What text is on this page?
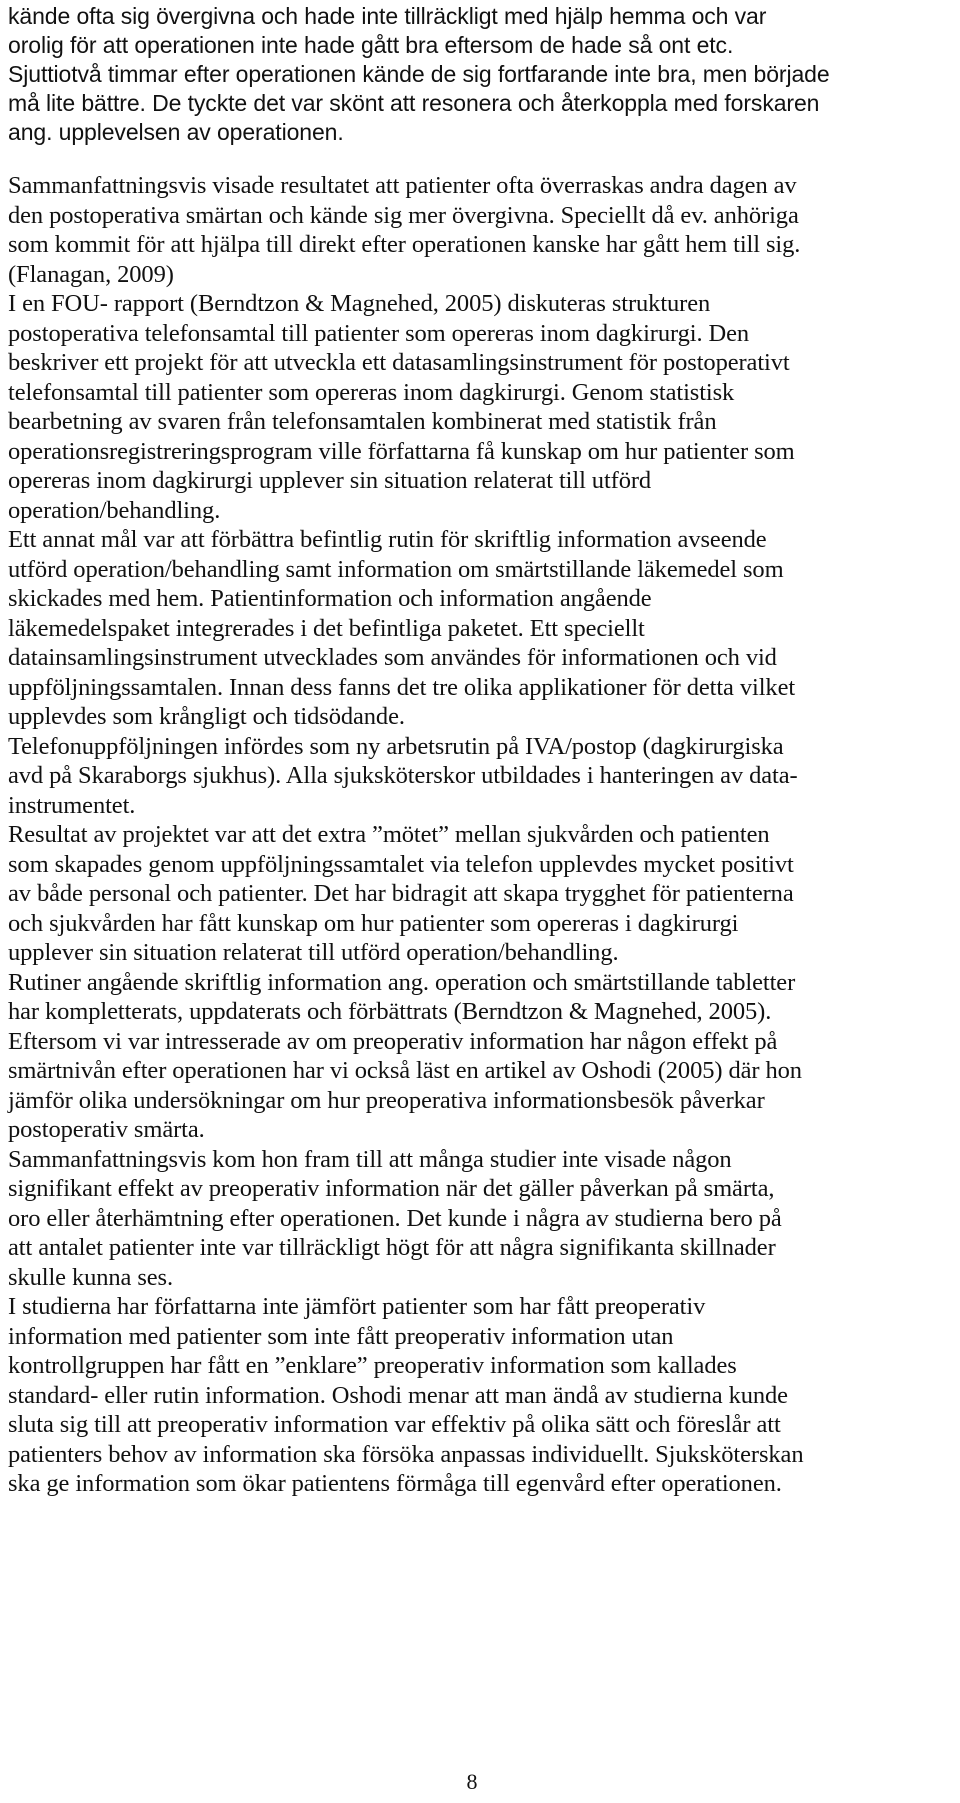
kände ofta sig övergivna och hade inte tillräckligt med hjälp hemma och var
orolig för att operationen inte hade gått bra eftersom de hade så ont etc.
Sjuttiotvå timmar efter operationen kände de sig fortfarande inte bra, men började
må lite bättre. De tyckte det var skönt att resonera och återkoppla med forskaren
ang. upplevelsen av operationen.

Sammanfattningsvis visade resultatet att patienter ofta överraskas andra dagen av
den postoperativa smärtan och kände sig mer övergivna. Speciellt då ev. anhöriga
som kommit för att hjälpa till direkt efter operationen kanske har gått hem till sig.
(Flanagan, 2009)
I en FOU- rapport (Berndtzon & Magnehed, 2005) diskuteras strukturen
postoperativa telefonsamtal till patienter som opereras inom dagkirurgi. Den
beskriver ett projekt för att utveckla ett datasamlingsinstrument för postoperativt
telefonsamtal till patienter som opereras inom dagkirurgi. Genom statistisk
bearbetning av svaren från telefonsamtalen kombinerat med statistik från
operationsregistreringsprogram ville författarna få kunskap om hur patienter som
opereras inom dagkirurgi upplever sin situation relaterat till utförd
operation/behandling.
Ett annat mål var att förbättra befintlig rutin för skriftlig information avseende
utförd operation/behandling samt information om smärtstillande läkemedel som
skickades med hem. Patientinformation och information angående
läkemedelspaket integrerades i det befintliga paketet. Ett speciellt
datainsamlingsinstrument utvecklades som användes för informationen och vid
uppföljningssamtalen. Innan dess fanns det tre olika applikationer för detta vilket
upplevdes som krångligt och tidsödande.
Telefonuppföljningen infördes som ny arbetsrutin på IVA/postop (dagkirurgiska
avd på Skaraborgs sjukhus). Alla sjuksköterskor utbildades i hanteringen av data-
instrumentet.
Resultat av projektet var att det extra ”mötet” mellan sjukvården och patienten
som skapades genom uppföljningssamtalet via telefon upplevdes mycket positivt
av både personal och patienter. Det har bidragit att skapa trygghet för patienterna
och sjukvården har fått kunskap om hur patienter som opereras i dagkirurgi
upplever sin situation relaterat till utförd operation/behandling.
Rutiner angående skriftlig information ang. operation och smärtstillande tabletter
har kompletterats, uppdaterats och förbättrats (Berndtzon & Magnehed, 2005).
Eftersom vi var intresserade av om preoperativ information har någon effekt på
smärtnivån efter operationen har vi också läst en artikel av Oshodi (2005) där hon
jämför olika undersökningar om hur preoperativa informationsbesök påverkar
postoperativ smärta.
Sammanfattningsvis kom hon fram till att många studier inte visade någon
signifikant effekt av preoperativ information när det gäller påverkan på smärta,
oro eller återhämtning efter operationen. Det kunde i några av studierna bero på
att antalet patienter inte var tillräckligt högt för att några signifikanta skillnader
skulle kunna ses.
I studierna har författarna inte jämfört patienter som har fått preoperativ
information med patienter som inte fått preoperativ information utan
kontrollgruppen har fått en ”enklare” preoperativ information som kallades
standard- eller rutin information. Oshodi menar att man ändå av studierna kunde
sluta sig till att preoperativ information var effektiv på olika sätt och föreslår att
patienters behov av information ska försöka anpassas individuellt. Sjuksköterskan
ska ge information som ökar patientens förmåga till egenvård efter operationen.

8
